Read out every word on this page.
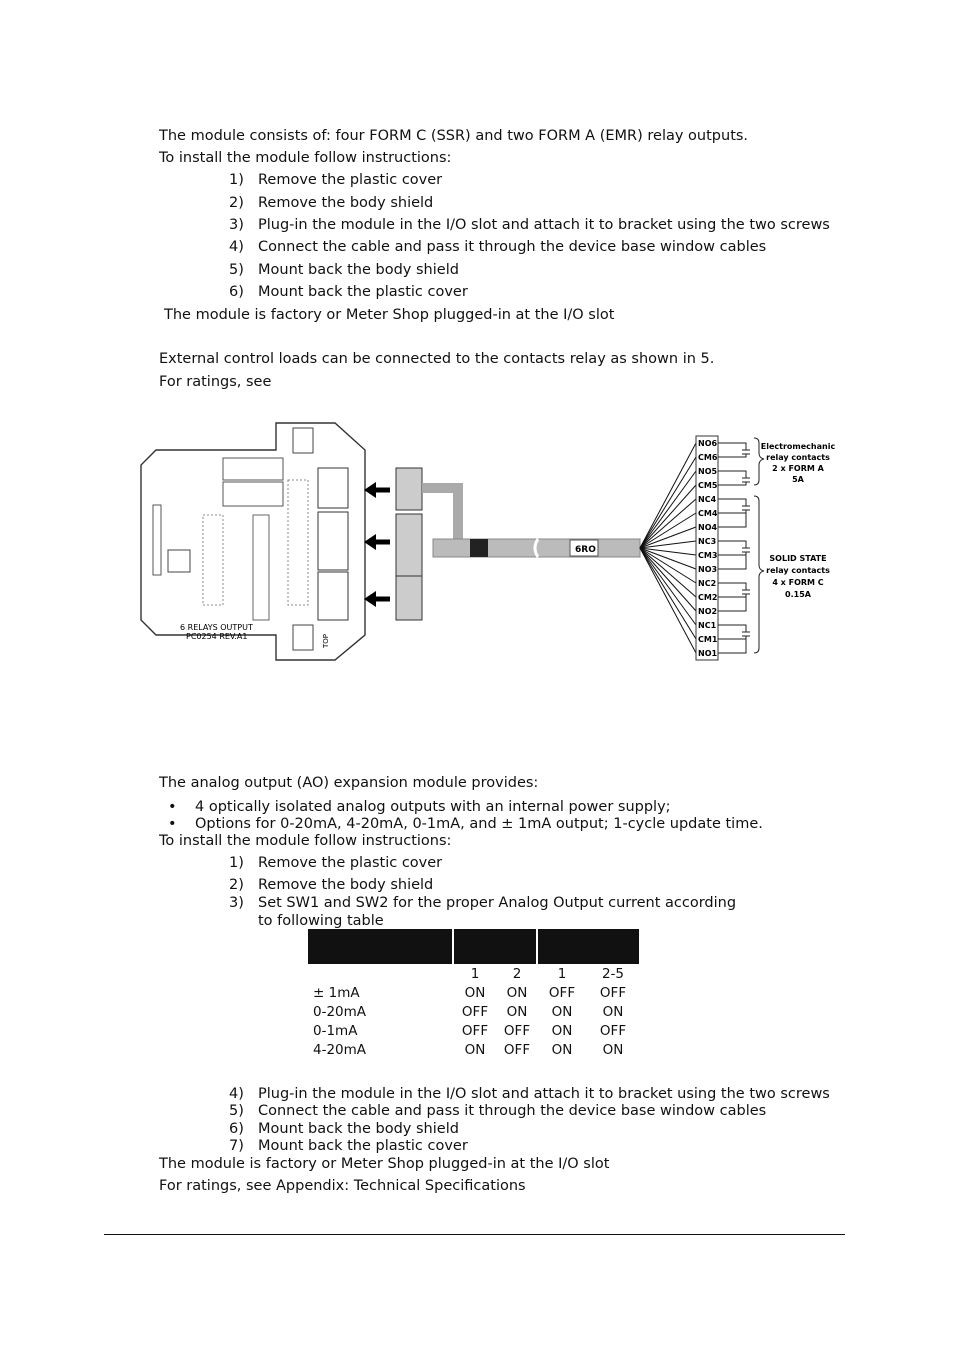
The module consists of: four FORM C (SSR) and two FORM A (EMR) relay outputs.
To install the module follow instructions:
1) Remove the plastic cover
2) Remove the body shield
3) Plug-in the module in the I/O slot and attach it to bracket using the two screws
4) Connect the cable and pass it through the device base window cables
5) Mount back the body shield
6) Mount back the plastic cover
The module is factory or Meter Shop plugged-in at the I/O slot
External control loads can be connected to the contacts relay as shown in 5.
For ratings, see
6 RELAYS OUTPUT
PC0254 REV.A1	TOP
6RO
NO6
CM6
NO5
CM5
NC4
CM4
NO4
NC3
CM3
NO3
NC2
CM2
NO2
NC1
CM1
NO1
Electromechanic
relay contacts
2 x FORM A
5A
SOLID STATE
relay contacts
4 x FORM C
0.15A
The analog output (AO) expansion module provides:
• 4 optically isolated analog outputs with an internal power supply;
• Options for 0-20mA, 4-20mA, 0-1mA, and ± 1mA output; 1-cycle update time.
To install the module follow instructions:
1) Remove the plastic cover
2) Remove the body shield
3) Set SW1 and SW2 for the proper Analog Output current according
to following table

	1	2	1	2-5
± 1mA	ON	ON	OFF	OFF
0-20mA	OFF	ON	ON	ON
0-1mA	OFF	OFF	ON	OFF
4-20mA	ON	OFF	ON	ON
4) Plug-in the module in the I/O slot and attach it to bracket using the two screws
5) Connect the cable and pass it through the device base window cables
6) Mount back the body shield
7) Mount back the plastic cover
The module is factory or Meter Shop plugged-in at the I/O slot
For ratings, see Appendix: Technical Specifications
